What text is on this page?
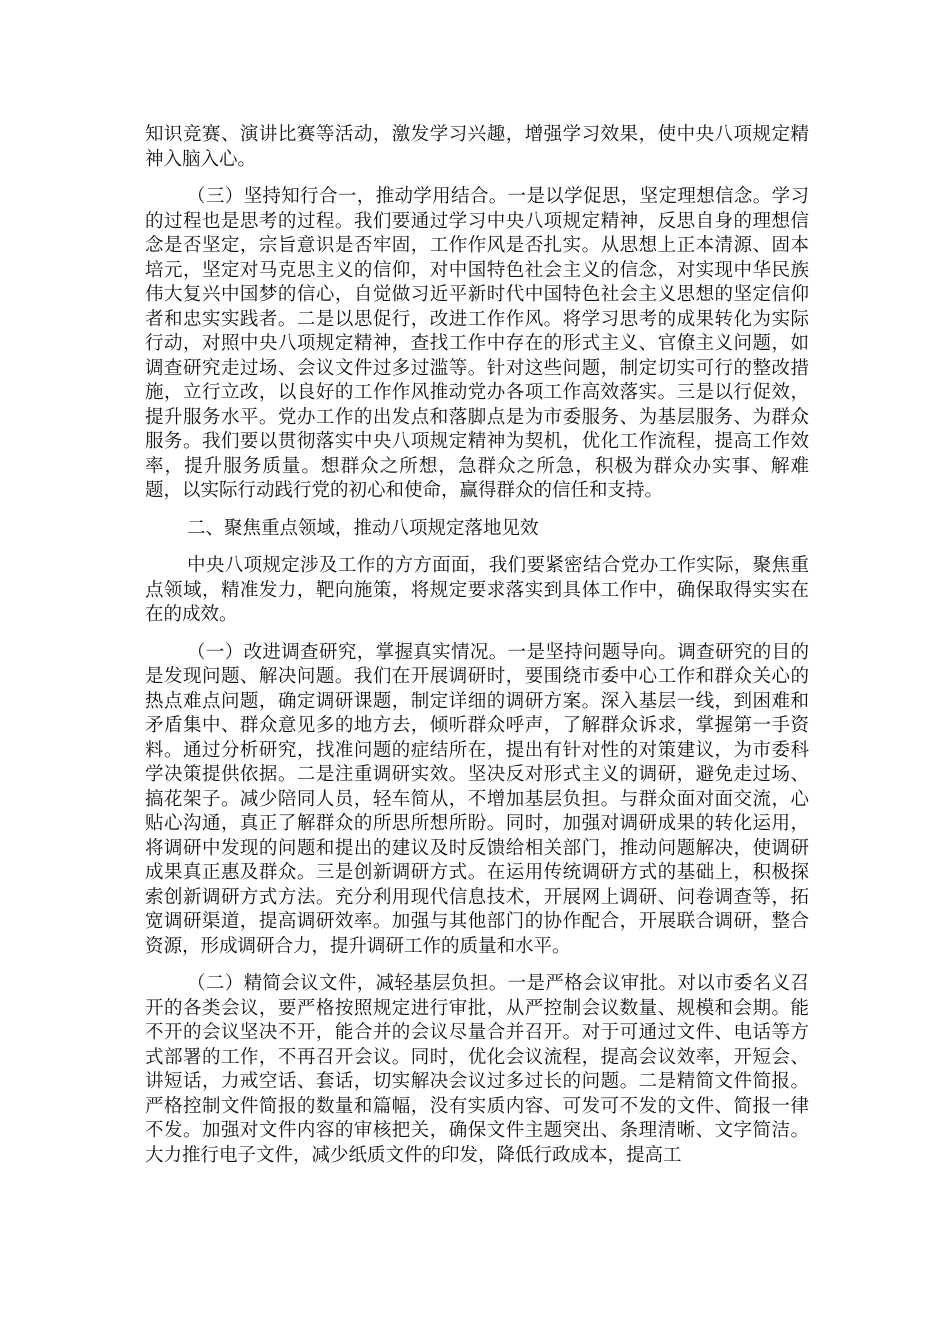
知识竞赛、演讲比赛等活动，激发学习兴趣，增强学习效果，使中央八项规定精神入脑入心。

（三）坚持知行合一，推动学用结合。一是以学促思，坚定理想信念。学习的过程也是思考的过程。我们要通过学习中央八项规定精神，反思自身的理想信念是否坚定，宗旨意识是否牢固，工作作风是否扎实。从思想上正本清源、固本培元，坚定对马克思主义的信仰，对中国特色社会主义的信念，对实现中华民族伟大复兴中国梦的信心，自觉做习近平新时代中国特色社会主义思想的坚定信仰者和忠实实践者。二是以思促行，改进工作作风。将学习思考的成果转化为实际行动，对照中央八项规定精神，查找工作中存在的形式主义、官僚主义问题，如调查研究走过场、会议文件过多过滥等。针对这些问题，制定切实可行的整改措施，立行立改，以良好的工作作风推动党办各项工作高效落实。三是以行促效，提升服务水平。党办工作的出发点和落脚点是为市委服务、为基层服务、为群众服务。我们要以贯彻落实中央八项规定精神为契机，优化工作流程，提高工作效率，提升服务质量。想群众之所想，急群众之所急，积极为群众办实事、解难题，以实际行动践行党的初心和使命，赢得群众的信任和支持。

二、聚焦重点领域，推动八项规定落地见效

中央八项规定涉及工作的方方面面，我们要紧密结合党办工作实际，聚焦重点领域，精准发力，靶向施策，将规定要求落实到具体工作中，确保取得实实在在的成效。

（一）改进调查研究，掌握真实情况。一是坚持问题导向。调查研究的目的是发现问题、解决问题。我们在开展调研时，要围绕市委中心工作和群众关心的热点难点问题，确定调研课题，制定详细的调研方案。深入基层一线，到困难和矛盾集中、群众意见多的地方去，倾听群众呼声，了解群众诉求，掌握第一手资料。通过分析研究，找准问题的症结所在，提出有针对性的对策建议，为市委科学决策提供依据。二是注重调研实效。坚决反对形式主义的调研，避免走过场、搞花架子。减少陪同人员，轻车简从，不增加基层负担。与群众面对面交流，心贴心沟通，真正了解群众的所思所想所盼。同时，加强对调研成果的转化运用，将调研中发现的问题和提出的建议及时反馈给相关部门，推动问题解决，使调研成果真正惠及群众。三是创新调研方式。在运用传统调研方式的基础上，积极探索创新调研方式方法。充分利用现代信息技术，开展网上调研、问卷调查等，拓宽调研渠道，提高调研效率。加强与其他部门的协作配合，开展联合调研，整合资源，形成调研合力，提升调研工作的质量和水平。

（二）精简会议文件，减轻基层负担。一是严格会议审批。对以市委名义召开的各类会议，要严格按照规定进行审批，从严控制会议数量、规模和会期。能不开的会议坚决不开，能合并的会议尽量合并召开。对于可通过文件、电话等方式部署的工作，不再召开会议。同时，优化会议流程，提高会议效率，开短会、讲短话，力戒空话、套话，切实解决会议过多过长的问题。二是精简文件简报。严格控制文件简报的数量和篇幅，没有实质内容、可发可不发的文件、简报一律不发。加强对文件内容的审核把关，确保文件主题突出、条理清晰、文字简洁。大力推行电子文件，减少纸质文件的印发，降低行政成本，提高工
